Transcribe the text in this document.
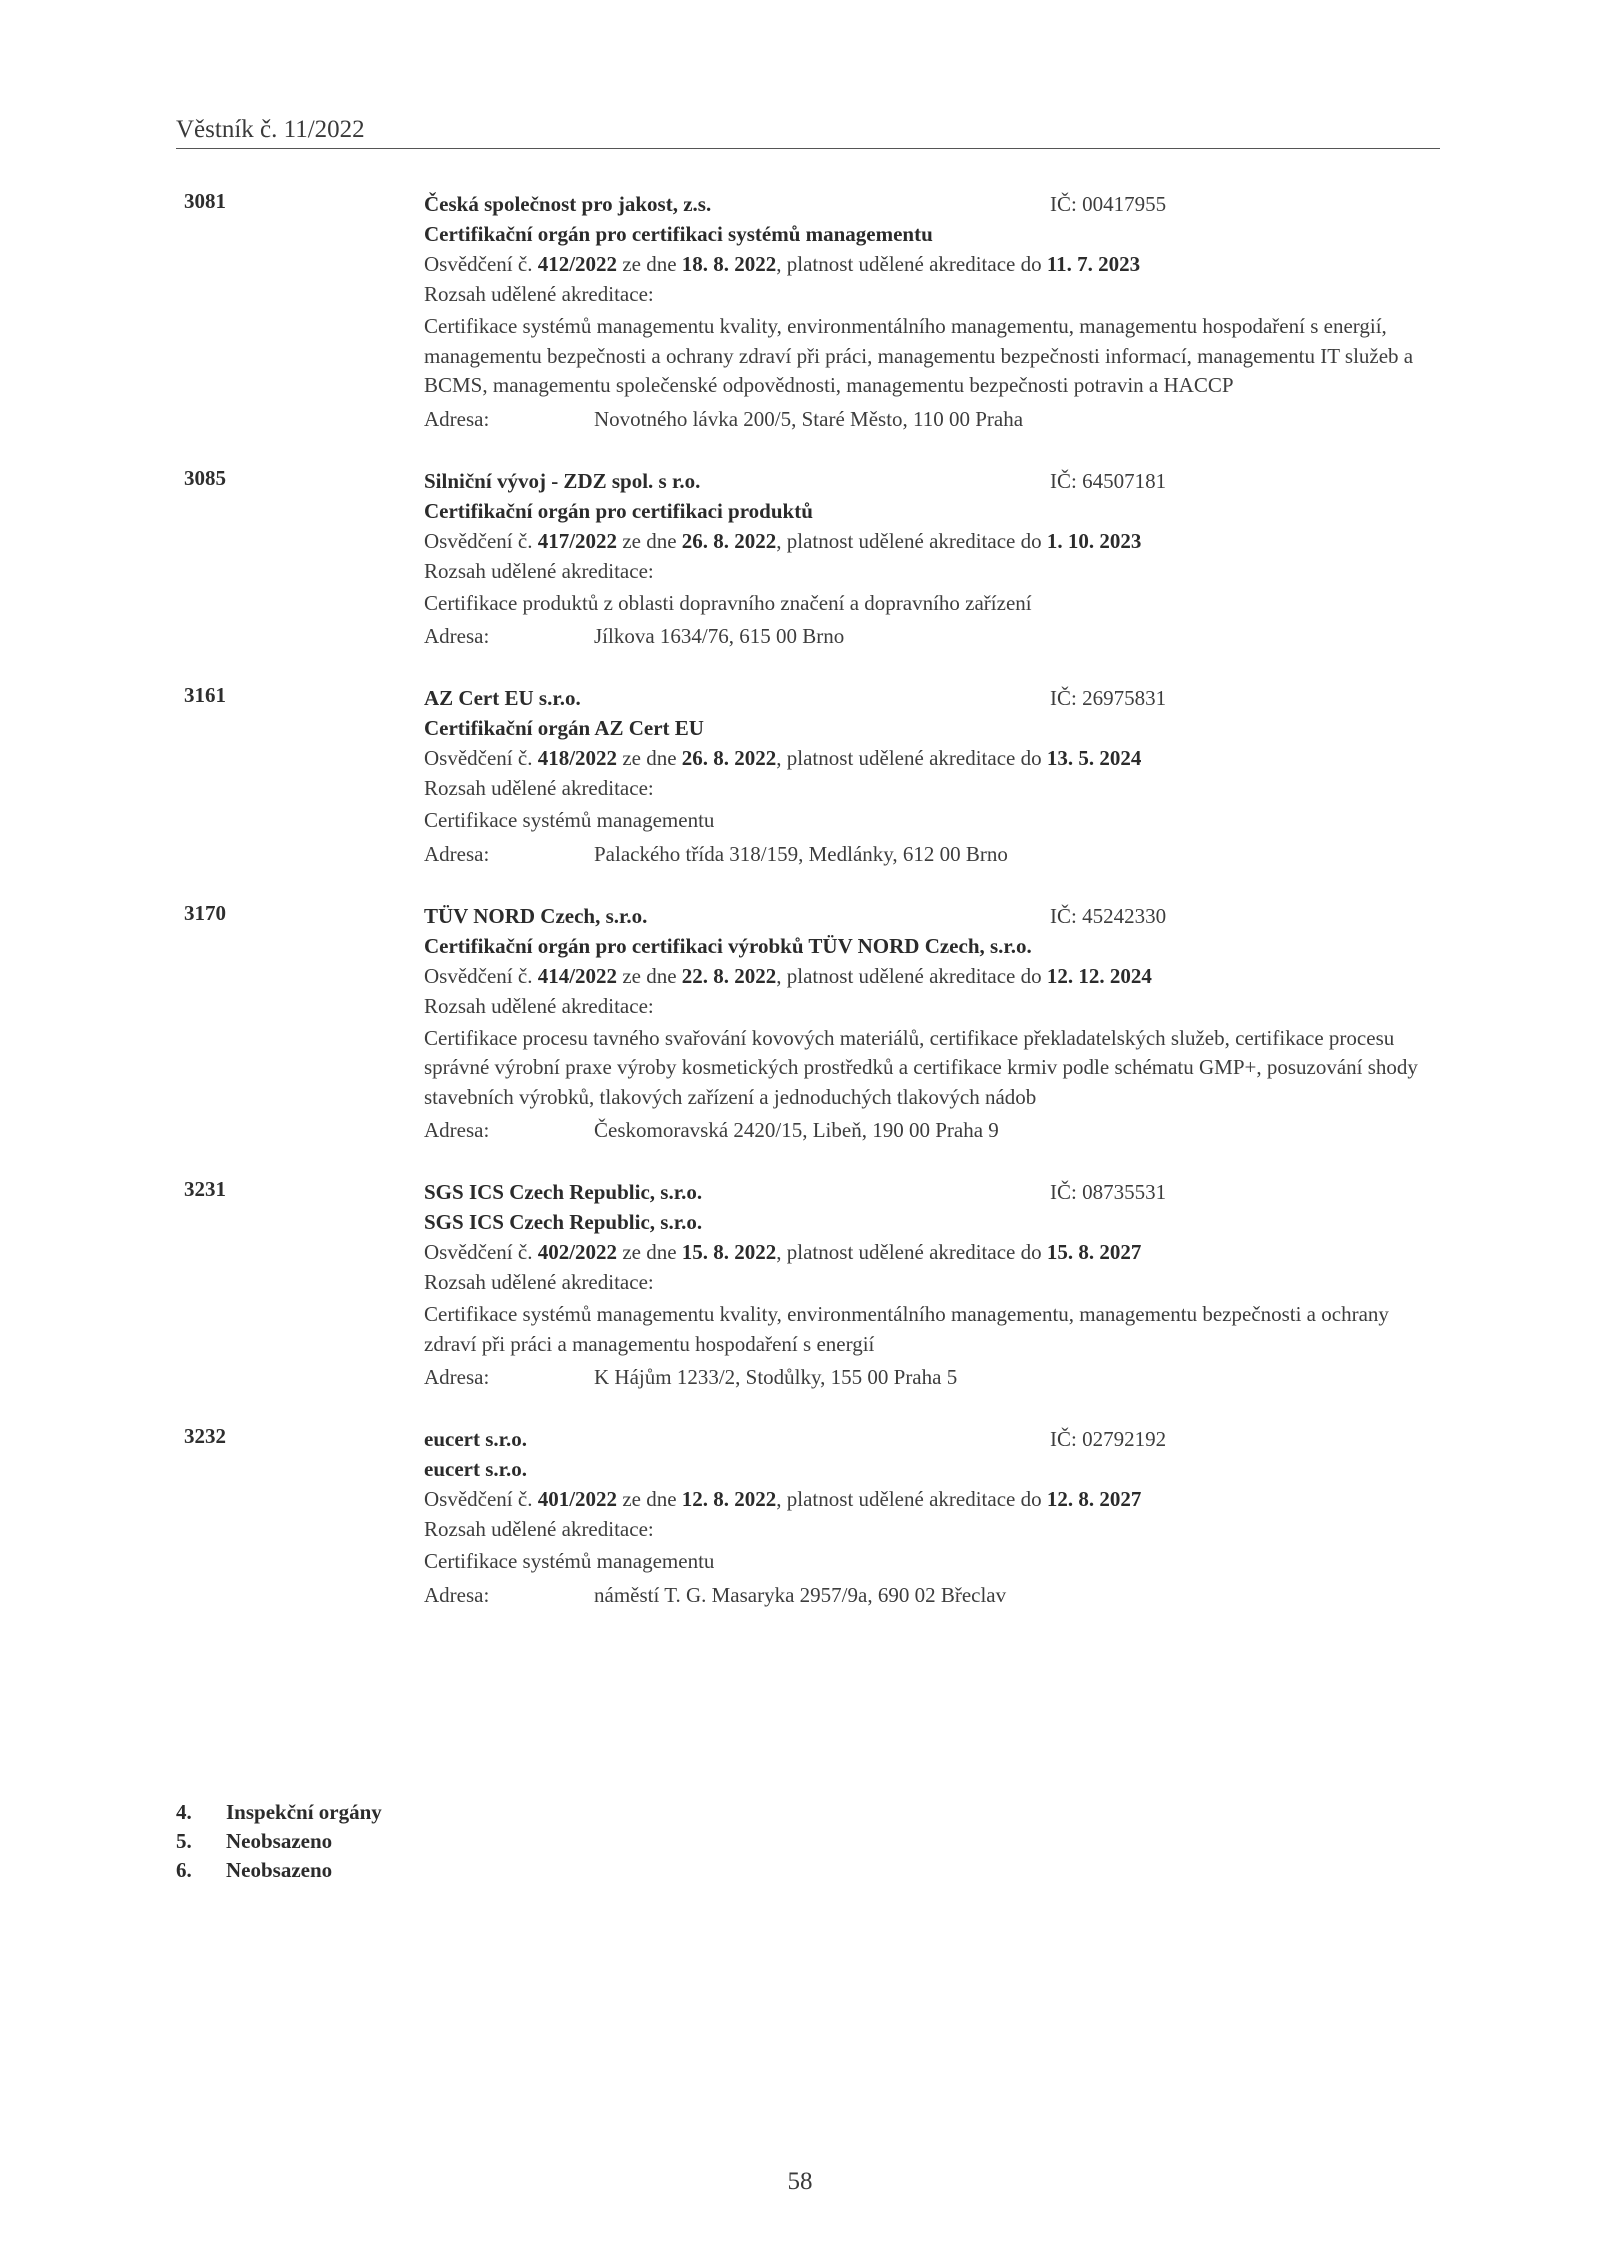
Věstník č. 11/2022
3081	Česká společnost pro jakost, z.s.	IČ: 00417955
Certifikační orgán pro certifikaci systémů managementu
Osvědčení č. 412/2022 ze dne 18. 8. 2022, platnost udělené akreditace do 11. 7. 2023
Rozsah udělené akreditace:
Certifikace systémů managementu kvality, environmentálního managementu, managementu hospodaření s energií, managementu bezpečnosti a ochrany zdraví při práci, managementu bezpečnosti informací, managementu IT služeb a BCMS, managementu společenské odpovědnosti, managementu bezpečnosti potravin a HACCP
Adresa:	Novotného lávka 200/5, Staré Město, 110 00 Praha
3085	Silniční vývoj - ZDZ spol. s r.o.	IČ: 64507181
Certifikační orgán pro certifikaci produktů
Osvědčení č. 417/2022 ze dne 26. 8. 2022, platnost udělené akreditace do 1. 10. 2023
Rozsah udělené akreditace:
Certifikace produktů z oblasti dopravního značení a dopravního zařízení
Adresa:	Jílkova 1634/76, 615 00 Brno
3161	AZ Cert EU s.r.o.	IČ: 26975831
Certifikační orgán AZ Cert EU
Osvědčení č. 418/2022 ze dne 26. 8. 2022, platnost udělené akreditace do 13. 5. 2024
Rozsah udělené akreditace:
Certifikace systémů managementu
Adresa:	Palackého třída 318/159, Medlánky, 612 00 Brno
3170	TÜV NORD Czech, s.r.o.	IČ: 45242330
Certifikační orgán pro certifikaci výrobků TÜV NORD Czech, s.r.o.
Osvědčení č. 414/2022 ze dne 22. 8. 2022, platnost udělené akreditace do 12. 12. 2024
Rozsah udělené akreditace:
Certifikace procesu tavného svařování kovových materiálů, certifikace překladatelských služeb, certifikace procesu správné výrobní praxe výroby kosmetických prostředků a certifikace krmiv podle schématu GMP+, posuzování shody stavebních výrobků, tlakových zařízení a jednoduchých tlakových nádob
Adresa:	Českomoravská 2420/15, Libeň, 190 00 Praha 9
3231	SGS ICS Czech Republic, s.r.o.	IČ: 08735531
SGS ICS Czech Republic, s.r.o.
Osvědčení č. 402/2022 ze dne 15. 8. 2022, platnost udělené akreditace do 15. 8. 2027
Rozsah udělené akreditace:
Certifikace systémů managementu kvality, environmentálního managementu, managementu bezpečnosti a ochrany zdraví při práci a managementu hospodaření s energií
Adresa:	K Hájům 1233/2, Stodůlky, 155 00 Praha 5
3232	eucert s.r.o.	IČ: 02792192
eucert s.r.o.
Osvědčení č. 401/2022 ze dne 12. 8. 2022, platnost udělené akreditace do 12. 8. 2027
Rozsah udělené akreditace:
Certifikace systémů managementu
Adresa:	náměstí T. G. Masaryka 2957/9a, 690 02 Břeclav
4.	Inspekční orgány
5.	Neobsazeno
6.	Neobsazeno
58
